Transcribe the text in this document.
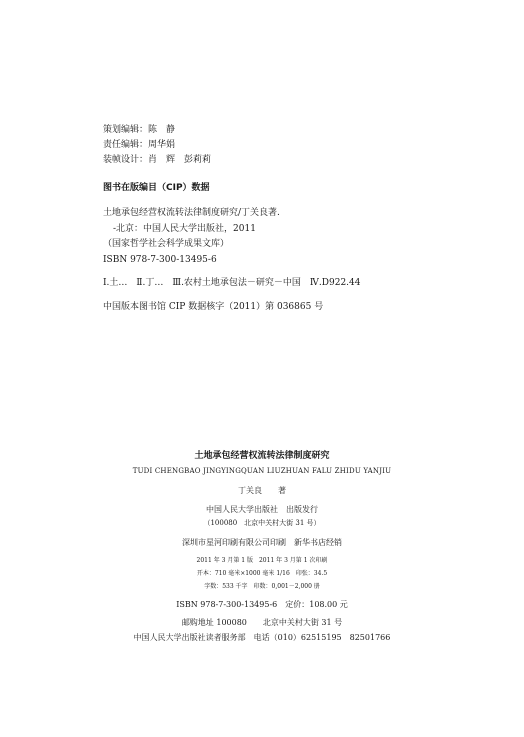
策划编辑：陈　静
责任编辑：周华娟
装帧设计：肖　辉　彭莉莉
图书在版编目（CIP）数据
土地承包经营权流转法律制度研究/丁关良著.
-北京：中国人民大学出版社，2011
（国家哲学社会科学成果文库）
ISBN 978-7-300-13495-6
Ⅰ.土…　Ⅱ.丁…　Ⅲ.农村土地承包法－研究－中国　Ⅳ.D922.44
中国版本图书馆 CIP 数据核字（2011）第 036865 号
土地承包经营权流转法律制度研究
TUDI CHENGBAO JINGYINGQUAN LIUZHUAN FALU ZHIDU YANJIU
丁关良　　著
中国人民大学出版社　出版发行
（100080　北京中关村大街 31 号）
深圳市星河印刷有限公司印刷　新华书店经销
2011 年 3 月第 1 版　2011 年 3 月第 1 次印刷
开本：710 毫米×1000 毫米 1/16　印张：34.5
字数：533 千字　印数：0,001－2,000 册
ISBN 978-7-300-13495-6　定价：108.00 元
邮购地址 100080　　北京中关村大街 31 号
中国人民大学出版社读者服务部　电话（010）62515195　82501766
